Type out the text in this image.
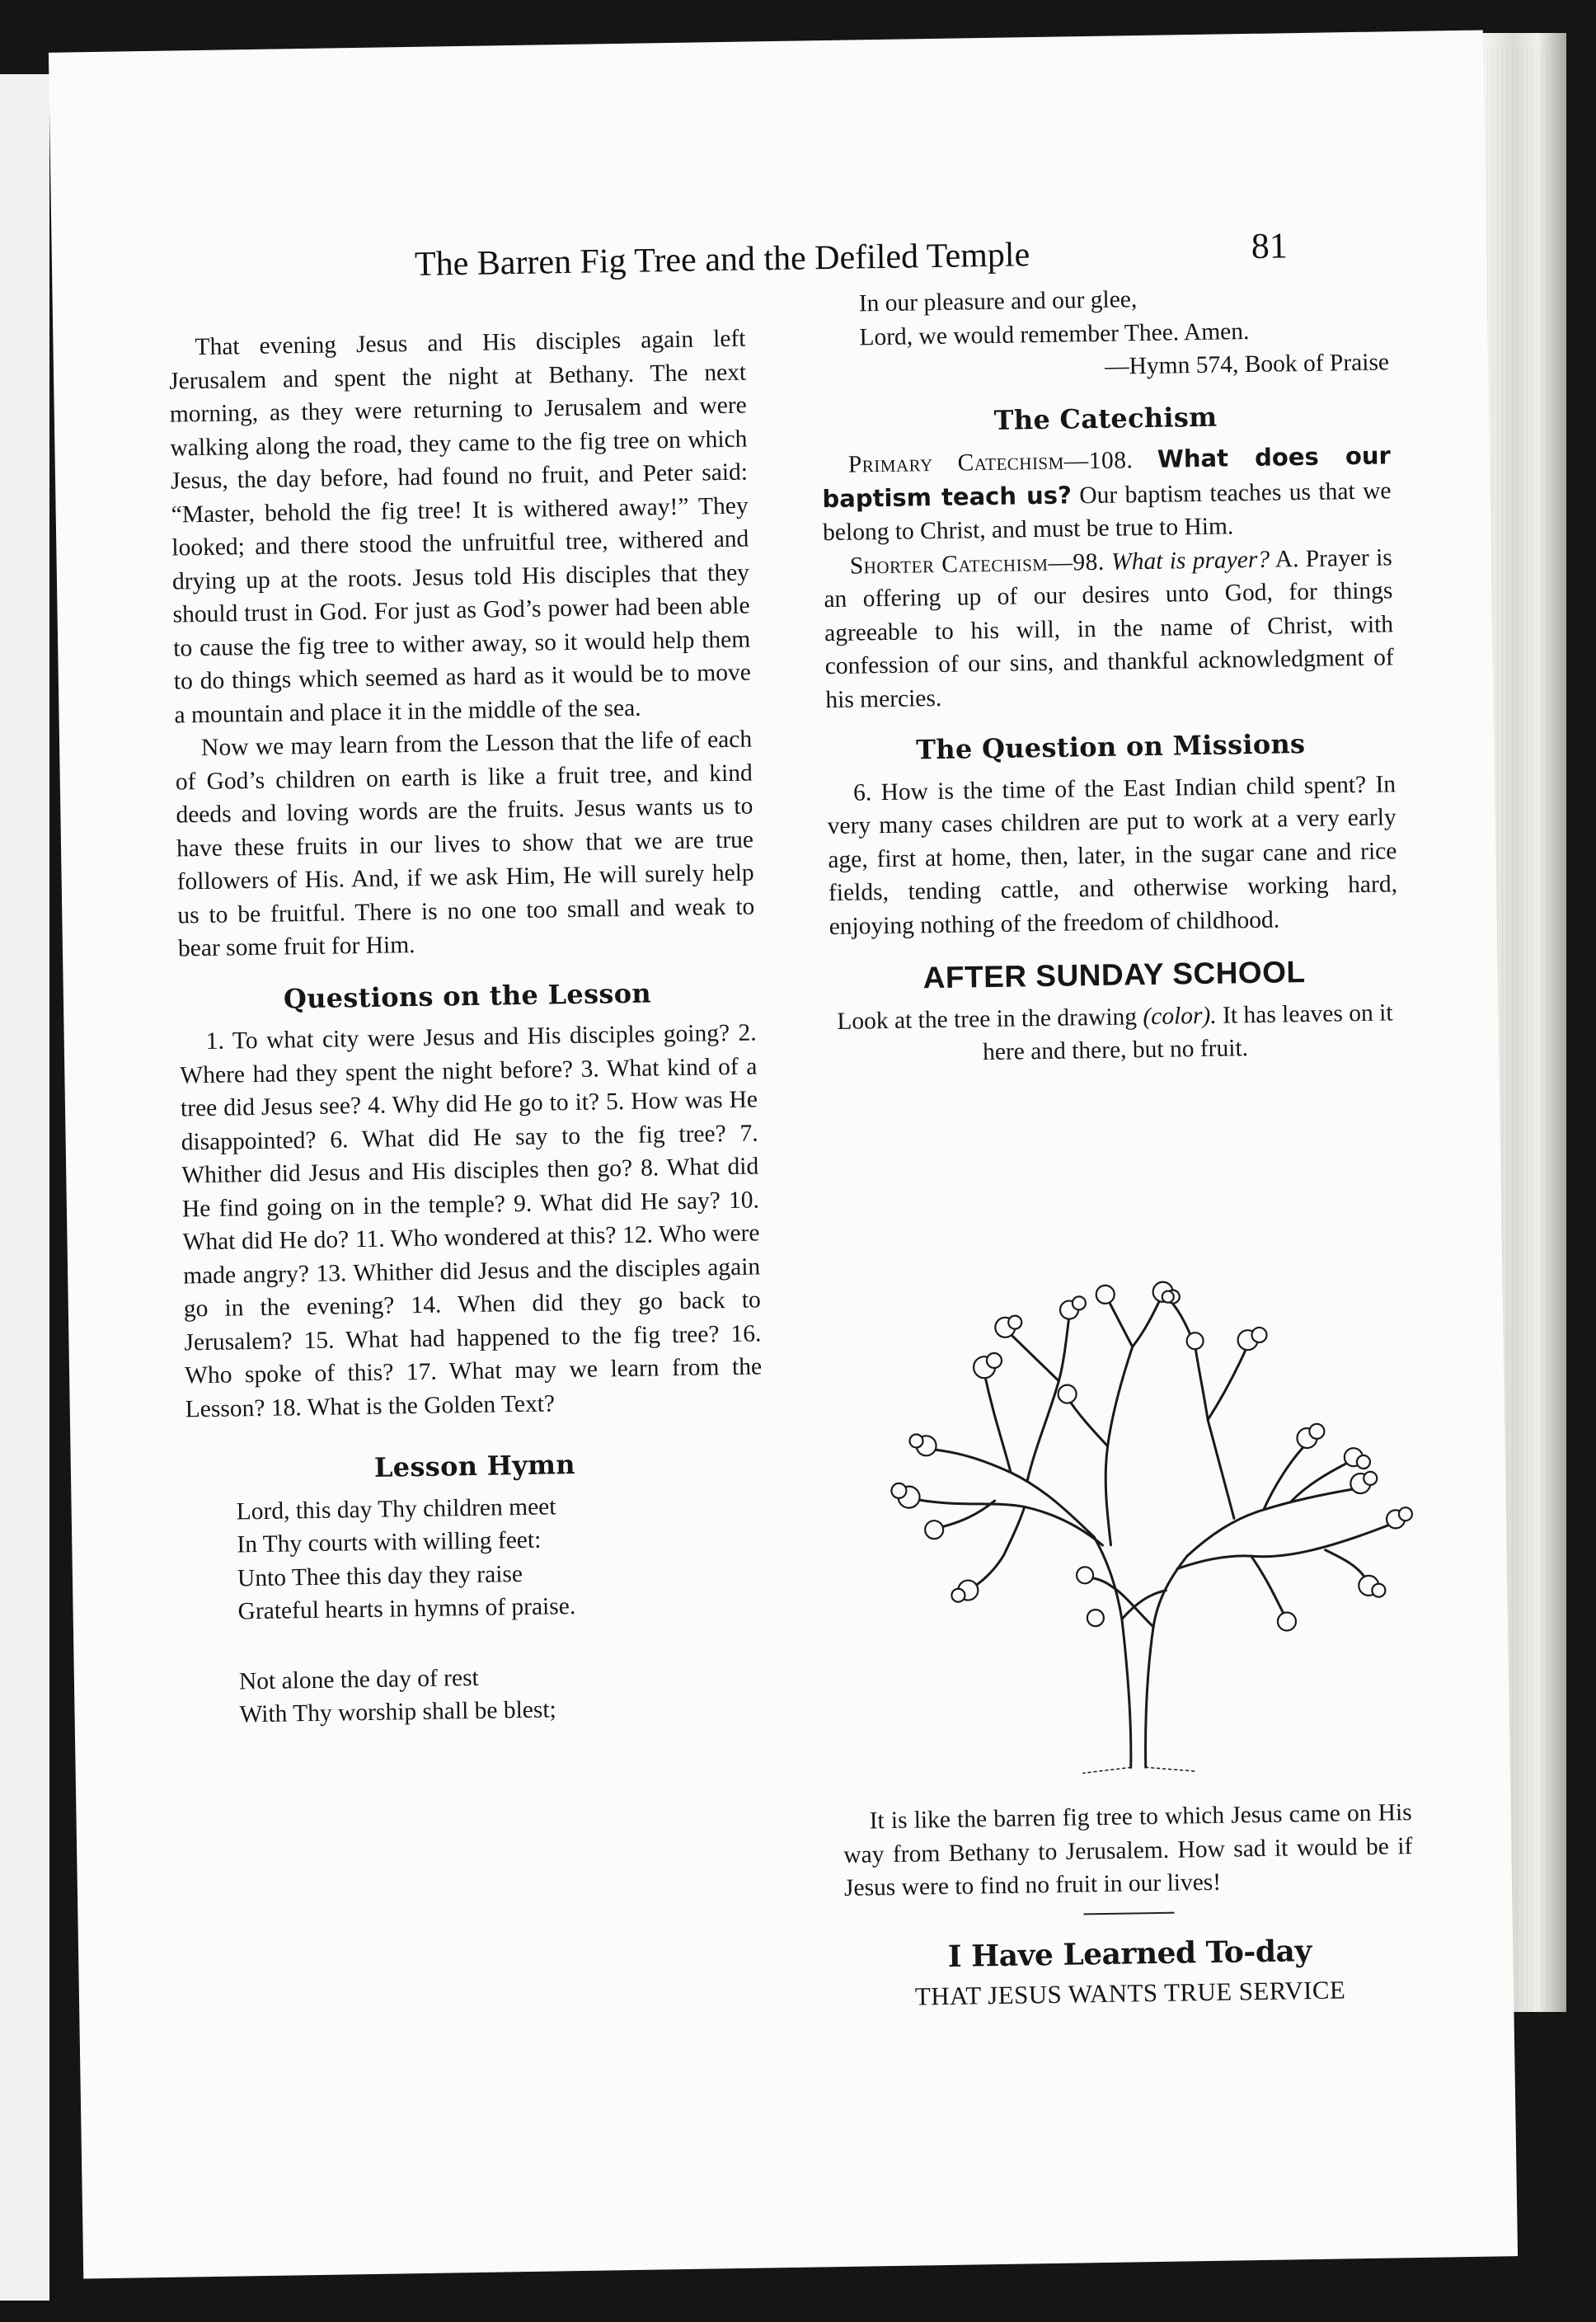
The Barren Fig Tree and the Defiled Temple	81

That evening Jesus and His disciples again left Jerusalem and spent the night at Bethany. The next morning, as they were returning to Jerusalem and were walking along the road, they came to the fig tree on which Jesus, the day before, had found no fruit, and Peter said: “Master, behold the fig tree! It is withered away!” They looked; and there stood the unfruitful tree, withered and drying up at the roots. Jesus told His disciples that they should trust in God. For just as God’s power had been able to cause the fig tree to wither away, so it would help them to do things which seemed as hard as it would be to move a mountain and place it in the middle of the sea.

Now we may learn from the Lesson that the life of each of God’s children on earth is like a fruit tree, and kind deeds and loving words are the fruits. Jesus wants us to have these fruits in our lives to show that we are true followers of His. And, if we ask Him, He will surely help us to be fruitful. There is no one too small and weak to bear some fruit for Him.

Questions on the Lesson

1. To what city were Jesus and His disciples going? 2. Where had they spent the night before? 3. What kind of a tree did Jesus see? 4. Why did He go to it? 5. How was He disappointed? 6. What did He say to the fig tree? 7. Whither did Jesus and His disciples then go? 8. What did He find going on in the temple? 9. What did He say? 10. What did He do? 11. Who wondered at this? 12. Who were made angry? 13. Whither did Jesus and the disciples again go in the evening? 14. When did they go back to Jerusalem? 15. What had happened to the fig tree? 16. Who spoke of this? 17. What may we learn from the Lesson? 18. What is the Golden Text?

Lesson Hymn

Lord, this day Thy children meet

In Thy courts with willing feet:

Unto Thee this day they raise

Grateful hearts in hymns of praise.

Not alone the day of rest

With Thy worship shall be blest;

In our pleasure and our glee,

Lord, we would remember Thee. Amen.

—Hymn 574, Book of Praise

The Catechism

Primary Catechism—108. What does our baptism teach us? Our baptism teaches us that we belong to Christ, and must be true to Him.

Shorter Catechism—98. What is prayer? A. Prayer is an offering up of our desires unto God, for things agreeable to his will, in the name of Christ, with confession of our sins, and thankful acknowledgment of his mercies.

The Question on Missions

6. How is the time of the East Indian child spent? In very many cases children are put to work at a very early age, first at home, then, later, in the sugar cane and rice fields, tending cattle, and otherwise working hard, enjoying nothing of the freedom of childhood.

AFTER SUNDAY SCHOOL

Look at the tree in the drawing (color). It has leaves on it here and there, but no fruit.

It is like the barren fig tree to which Jesus came on His way from Bethany to Jerusalem. How sad it would be if Jesus were to find no fruit in our lives!

I Have Learned To-day
THAT JESUS WANTS TRUE SERVICE
